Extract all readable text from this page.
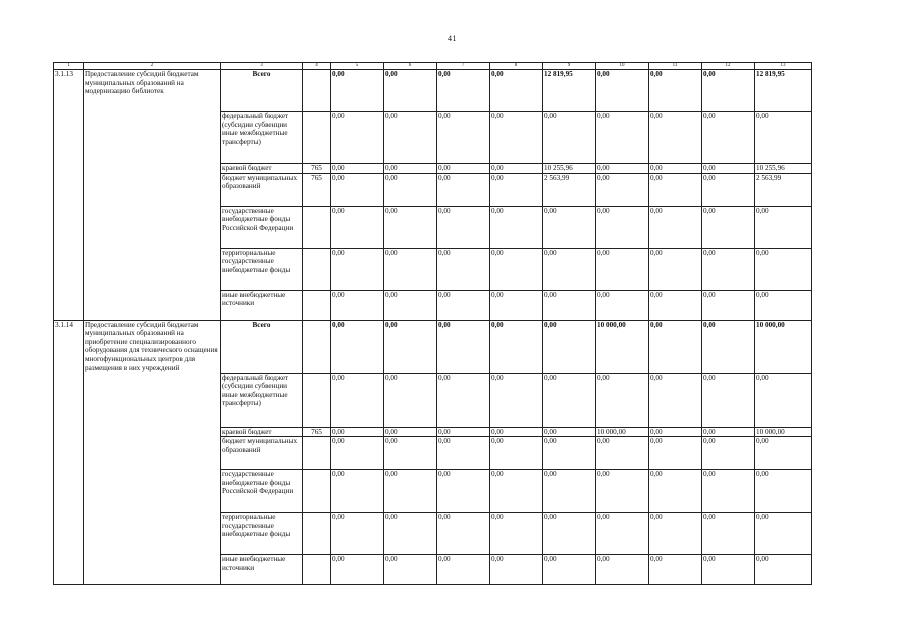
41
1	2	3	4	5	6	7	8	9	10	11	12	13
3.1.13	Предоставление субсидий бюджетам муниципальных образований на модернизацию библиотек	Всего		0,00	0,00	0,00	0,00	12 819,95	0,00	0,00	0,00	12 819,95
		федеральный бюджет (субсидии субвенции иные межбюджетные трансферты)		0,00	0,00	0,00	0,00	0,00	0,00	0,00	0,00	0,00
		краевой бюджет	765	0,00	0,00	0,00	0,00	10 255,96	0,00	0,00	0,00	10 255,96
		бюджет муниципальных образований	765	0,00	0,00	0,00	0,00	2 563,99	0,00	0,00	0,00	2 563,99
		государственные внебюджетные фонды Российской Федерации		0,00	0,00	0,00	0,00	0,00	0,00	0,00	0,00	0,00
		территориальные государственные внебюджетные фонды		0,00	0,00	0,00	0,00	0,00	0,00	0,00	0,00	0,00
		иные внебюджетные источники		0,00	0,00	0,00	0,00	0,00	0,00	0,00	0,00	0,00
3.1.14	Предоставление субсидий бюджетам муниципальных образований на приобретение специализированного оборудования для технического оснащения многофункциональных центров для размещения в них учреждений	Всего		0,00	0,00	0,00	0,00	0,00	10 000,00	0,00	0,00	10 000,00
		федеральный бюджет (субсидии субвенции иные межбюджетные трансферты)		0,00	0,00	0,00	0,00	0,00	0,00	0,00	0,00	0,00
		краевой бюджет	765	0,00	0,00	0,00	0,00	0,00	10 000,00	0,00	0,00	10 000,00
		бюджет муниципальных образований		0,00	0,00	0,00	0,00	0,00	0,00	0,00	0,00	0,00
		государственные внебюджетные фонды Российской Федерации		0,00	0,00	0,00	0,00	0,00	0,00	0,00	0,00	0,00
		территориальные государственные внебюджетные фонды		0,00	0,00	0,00	0,00	0,00	0,00	0,00	0,00	0,00
		иные внебюджетные источники		0,00	0,00	0,00	0,00	0,00	0,00	0,00	0,00	0,00
